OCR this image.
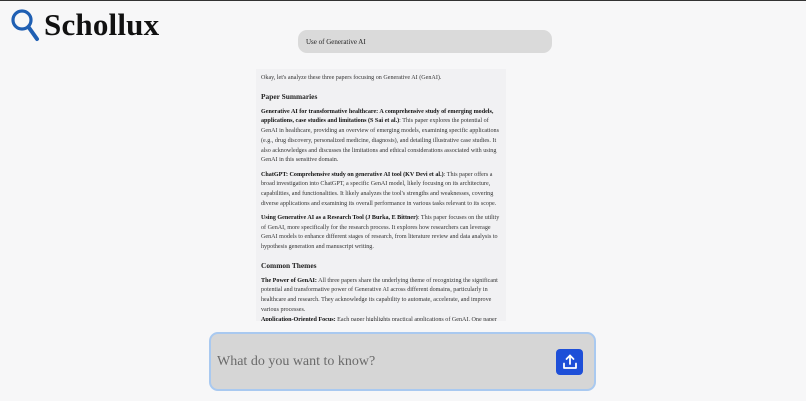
Schollux	Use of Generative AI

Okay, let's analyze these three papers focusing on Generative AI (GenAI).

Paper Summaries

Generative AI for transformative healthcare: A comprehensive study of emerging models, applications, case studies and limitations (S Sai et al.): This paper explores the potential of GenAI in healthcare, providing an overview of emerging models, examining specific applications (e.g., drug discovery, personalized medicine, diagnosis), and detailing illustrative case studies. It also acknowledges and discusses the limitations and ethical considerations associated with using GenAI in this sensitive domain.

ChatGPT: Comprehensive study on generative AI tool (KV Devi et al.): This paper offers a broad investigation into ChatGPT, a specific GenAI model, likely focusing on its architecture, capabilities, and functionalities. It likely analyzes the tool's strengths and weaknesses, covering diverse applications and examining its overall performance in various tasks relevant to its scope.

Using Generative AI as a Research Tool (J Burka, E Bittner): This paper focuses on the utility of GenAI, more specifically for the research process. It explores how researchers can leverage GenAI models to enhance different stages of research, from literature review and data analysis to hypothesis generation and manuscript writing.

Common Themes

The Power of GenAI: All three papers share the underlying theme of recognizing the significant potential and transformative power of Generative AI across different domains, particularly in healthcare and research. They acknowledge its capability to automate, accelerate, and improve various processes.

Application-Oriented Focus: Each paper highlights practical applications of GenAI. One paper

What do you want to know?
